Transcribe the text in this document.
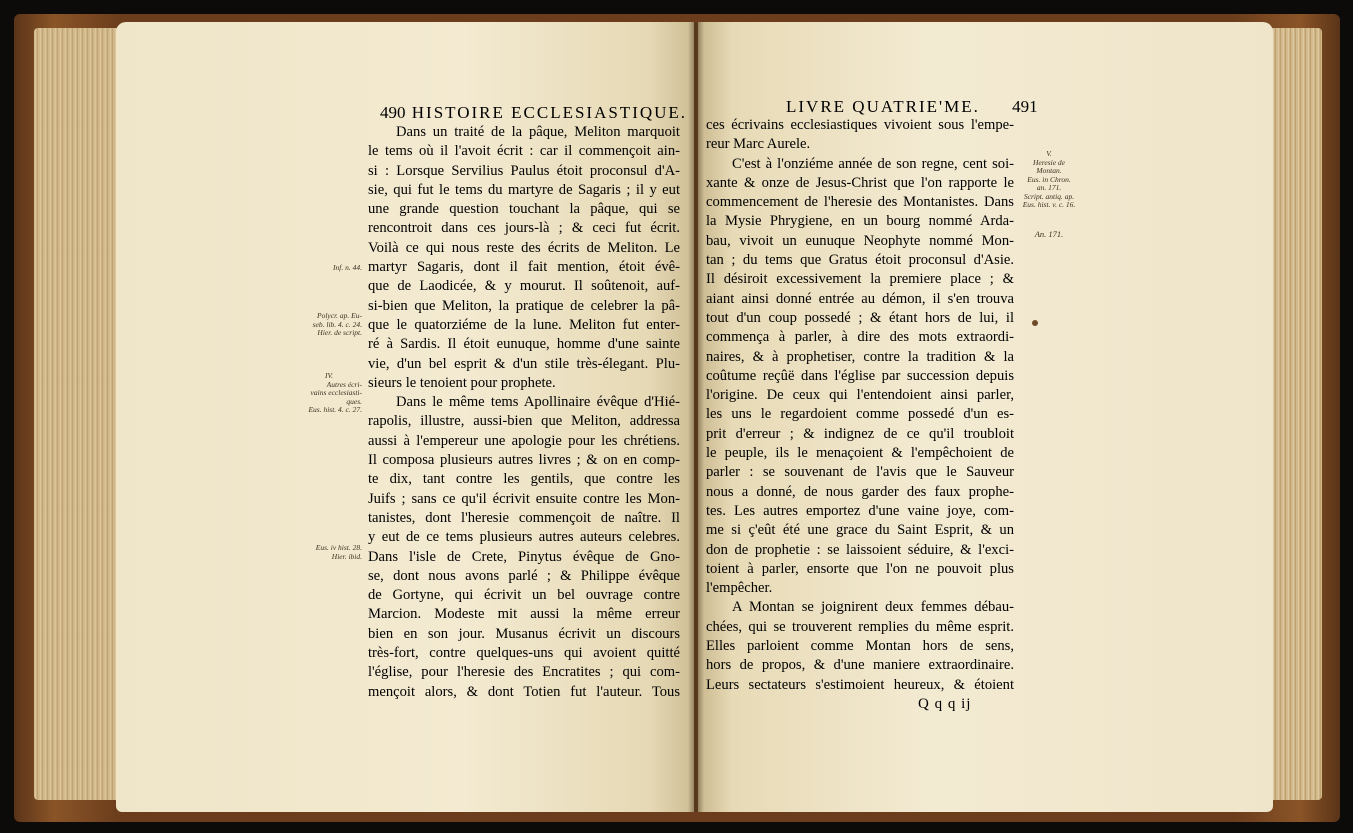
490 HISTOIRE ECCLESIASTIQUE.
Dans un traité de la pâque, Meliton marquoit
le tems où il l'avoit écrit : car il commençoit ain-
si : Lorsque Servilius Paulus étoit proconsul d'A-
sie, qui fut le tems du martyre de Sagaris ; il y eut
une grande question touchant la pâque, qui se
rencontroit dans ces jours-là ; & ceci fut écrit.
Voilà ce qui nous reste des écrits de Meliton. Le
martyr Sagaris, dont il fait mention, étoit évê-
que de Laodicée, & y mourut. Il soûtenoit, auf-
si-bien que Meliton, la pratique de celebrer la pâ-
que le quatorziéme de la lune. Meliton fut enter-
ré à Sardis. Il étoit eunuque, homme d'une sainte
vie, d'un bel esprit & d'un stile très-élegant. Plu-
sieurs le tenoient pour prophete.
Dans le même tems Apollinaire évêque d'Hié-
rapolis, illustre, aussi-bien que Meliton, addressa
aussi à l'empereur une apologie pour les chrétiens.
Il composa plusieurs autres livres ; & on en comp-
te dix, tant contre les gentils, que contre les
Juifs ; sans ce qu'il écrivit ensuite contre les Mon-
tanistes, dont l'heresie commençoit de naître. Il
y eut de ce tems plusieurs autres auteurs celebres.
Dans l'isle de Crete, Pinytus évêque de Gno-
se, dont nous avons parlé ; & Philippe évêque
de Gortyne, qui écrivit un bel ouvrage contre
Marcion. Modeste mit aussi la même erreur
bien en son jour. Musanus écrivit un discours
très-fort, contre quelques-uns qui avoient quitté
l'église, pour l'heresie des Encratites ; qui com-
mençoit alors, & dont Totien fut l'auteur. Tous
Inf. n. 44.
Polycr. ap. Eu-
seb. lib. 4. c. 24.
Hier. de script.
IV.
Autres écri-
vains ecclesiasti-
ques.
Eus. hist. 4. c. 27.
Eus. iv hist. 28.
Hier. ibid.
LIVRE QUATRIE'ME. 491
ces écrivains ecclesiastiques vivoient sous l'empe-
reur Marc Aurele.
C'est à l'onziéme année de son regne, cent soi-
xante & onze de Jesus-Christ que l'on rapporte le
commencement de l'heresie des Montanistes. Dans
la Mysie Phrygiene, en un bourg nommé Arda-
bau, vivoit un eunuque Neophyte nommé Mon-
tan ; du tems que Gratus étoit proconsul d'Asie.
Il désiroit excessivement la premiere place ; &
aiant ainsi donné entrée au démon, il s'en trouva
tout d'un coup possedé ; & étant hors de lui, il
commença à parler, à dire des mots extraordi-
naires, & à prophetiser, contre la tradition & la
coûtume reçûë dans l'église par succession depuis
l'origine. De ceux qui l'entendoient ainsi parler,
les uns le regardoient comme possedé d'un es-
prit d'erreur ; & indignez de ce qu'il troubloit
le peuple, ils le menaçoient & l'empêchoient de
parler : se souvenant de l'avis que le Sauveur
nous a donné, de nous garder des faux prophe-
tes. Les autres emportez d'une vaine joye, com-
me si ç'eût été une grace du Saint Esprit, & un
don de prophetie : se laissoient séduire, & l'exci-
toient à parler, ensorte que l'on ne pouvoit plus
l'empêcher.
A Montan se joignirent deux femmes débau-
chées, qui se trouverent remplies du même esprit.
Elles parloient comme Montan hors de sens,
hors de propos, & d'une maniere extraordinaire.
Leurs sectateurs s'estimoient heureux, & étoient
Q q q ij
V.
Heresie de
Montan.
Eus. in Chron.
an. 171.
Script. antiq. ap.
Eus. hist. v. c. 16.
An. 171.
